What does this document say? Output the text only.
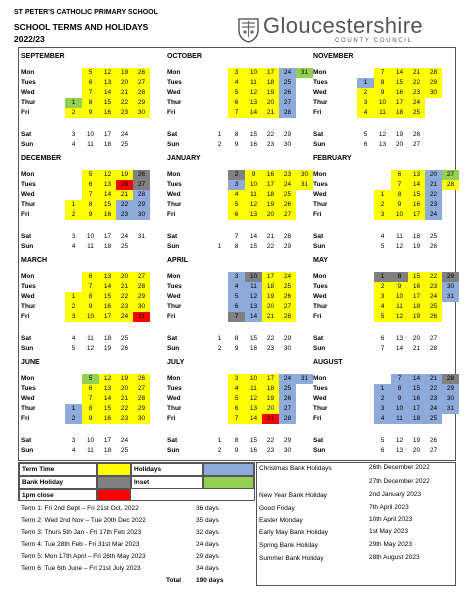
ST PETER'S CATHOLIC PRIMARY SCHOOL
SCHOOL TERMS AND HOLIDAYS
2022/23
Gloucestershire
COUNTY COUNCIL
SEPTEMBER
Mon	5	12	19	26
Tues	6	13	20	27
Wed	7	14	21	28
Thur	1	8	15	22	29
Fri	2	9	16	23	30
Sat	3	10	17	24
Sun	4	11	18	25
OCTOBER
Mon	3	10	17	24	31
Tues	4	11	18	25
Wed	5	12	19	26
Thur	6	13	20	27
Fri	7	14	21	28
Sat	1	8	15	22	29
Sun	2	9	16	23	30
NOVEMBER
Mon	7	14	21	28
Tues	1	8	15	22	29
Wed	2	9	16	23	30
Thur	3	10	17	24
Fri	4	11	18	25
Sat	5	12	19	26
Sun	6	13	20	27
DECEMBER
Mon	5	12	19	26
Tues	6	13	20	27
Wed	7	14	21	28
Thur	1	8	15	22	29
Fri	2	9	16	23	30
Sat	3	10	17	24	31
Sun	4	11	18	25
JANUARY
Mon	2	9	16	23	30
Tues	3	10	17	24	31
Wed	4	11	18	25
Thur	5	12	19	26
Fri	6	13	20	27
Sat	7	14	21	28
Sun	1	8	15	22	29
FEBRUARY
Mon	6	13	20	27
Tues	7	14	21	28
Wed	1	8	15	22
Thur	2	9	16	23
Fri	3	10	17	24
Sat	4	11	18	25
Sun	5	12	19	26
MARCH
Mon	6	13	20	27
Tues	7	14	21	28
Wed	1	8	15	22	29
Thur	2	9	16	23	30
Fri	3	10	17	24	31
Sat	4	11	18	25
Sun	5	12	19	26
APRIL
Mon	3	10	17	24
Tues	4	11	18	25
Wed	5	12	19	26
Thur	6	13	20	27
Fri	7	14	21	28
Sat	1	8	15	22	29
Sun	2	9	16	23	30
MAY
Mon	1	8	15	22	29
Tues	2	9	16	23	30
Wed	3	10	17	24	31
Thur	4	11	18	25
Fri	5	12	19	26
Sat	6	13	20	27
Sun	7	14	21	28
JUNE
Mon	5	12	19	26
Tues	6	13	20	27
Wed	7	14	21	28
Thur	1	8	15	22	29
Fri	2	9	16	23	30
Sat	3	10	17	24
Sun	4	11	18	25
JULY
Mon	3	10	17	24	31
Tues	4	11	18	25
Wed	5	12	19	26
Thur	6	13	20	27
Fri	7	14	21	28
Sat	1	8	15	22	29
Sun	2	9	16	23	30
AUGUST
Mon	7	14	21	28
Tues	1	8	15	22	29
Wed	2	9	16	23	30
Thur	3	10	17	24	31
Fri	4	11	18	25
Sat	5	12	19	26
Sun	6	13	20	27
Term Time	Holidays
Bank Holiday	Inset
1pm close
Term 1: Fri 2nd Sept – Fri 21st Oct, 2022	36 days
Term 2: Wed 2nd Nov – Tue 20th Dec 2022	35 days
Term 3: Thurs 5th Jan - Fri 17th Feb 2023	32 days
Term 4: Tue 28th Feb - Fri 31st Mar 2023	24 days
Term 5: Mon 17th April – Fri 26th May 2023	29 days
Term 6: Tue 6th June – Fri 21st July 2023	34 days
Total 190 days
Christmas Bank Holidays	26th December 2022
27th December 2022
New Year Bank Holiday	2nd January 2023
Good Friday	7th April 2023
Easter Monday	10th April 2023
Early May Bank Holiday	1st May 2023
Spring Bank Holiday	29th May 2023
Summer Bank Holiday	28th August 2023
